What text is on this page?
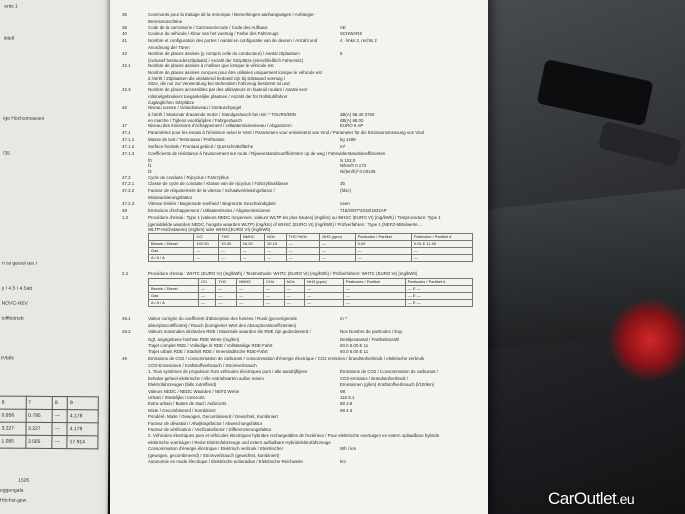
6	7	8	9
0.956	0.795	—	4.178
3.227	3.227	—	4.178
1.085	2.565	—	17.914
ents 1
ititelt
ige Höchstmassen
/35
n ist gewol ren /
y / 4.5 / 4.5att
NOVC-HEV
toffbetrieb
P/MN
1526
eggengala
Höchst-gew
36	Commonts pour la traitage de la remorque / Bemerkingen aanhangwagen / Anhänger-
Bremsmarschtine
38	Code de la carrosserie / Carrosseriecode / Code des Aufbaus	AE
40	Couleur du véhicule / Kleur van het voertuig / Farbe des Fahrzeugs	SCHWARZ
41	Nombre et configuration des portes / Aantal en configuratie van de deuren / Anzahl und	4 · links 2, rechts 2
Anordnung der Türen
42	Nombre de places assises (y compris celle du conducteur) / Aantal zitplaatsen	5
(inclusief bestuurderszitplaats) / Anzahl der Sitzplätze (einschließlich Fahrersitz)
42.1	Nombre de places assises à n'utiliser que lorsque le véhicule est
Nombre de places assises conçues pour être utilisées uniquement lorsque le véhicule est
à l'arrêt / Zitplaatsen die uitsluitend bedoeld zijn bij stilstaand voertuig /
Sitze, die nur zur Verwendung bei stehendem Fahrzeug bestimmt ist und
42.3	Nombre de places accessibles par des utilisateurs en fauteuil roulant / Aantal voor
rolstoelgebruikers toegankelijke plaatsen / Anzahl der für Rollstuhlfahrer
zugänglichen Sitzplätze
46	Niveau sonore / Geluidsniveau / Geräuschpegel
à l'arrêt / Stationair draaiende motor / Standgeräusch bei min⁻¹ TOURS/MIN	dB(A) 68.40 3750
en marche / Tijdens voorbijrijden / Fahrgeräusch	dB(A) 68.00
47	Niveau des émissions d'échappement / Uitlaatemissieniveau / Abgasnorm	EURO 6 AP
47.1	Paramètres pour les essais à l'émission selon le Vent / Parameters voor emissietest van Vind / Parameter für die Emissionsmessung von Vind
47.1.1	Masse de test / Testmassa / Prüfmasse	kg 1489
47.1.2	Surface frontale / Frontaal gebied / Querschnittsfläche	m²
47.1.3	Coefficients de résistance à l'avancement sur route / Rijweerstandscoëfficiënten op de weg / Fahrwiderstandskoeffizienten
f0	N 102.0
f1	N/km/h 0.173
f2	N/(km/h)² 0.03145
47.2	Cycle de conduite / Rijcyclus / Fahrzyklus
47.2.1	Classe de cycle de conduite / Klasse van de rijcyclus / Fahrzyklusklasse	3b
47.2.2	Facteur de réajustement de la vitesse / Schaalverkleiningsfactor /	(fdsc)
Miniaturisierungsfaktor
47.2.3	Vitesse limitée / Begrensde snelheid / Begrenzte Geschwindigkeit	neen
48	Emissions d'échappement / Uitlaatemissies / Abgasemissionen	715/2007*2018/1832AP
1.2	Procédure d'essai : Type 1 (valeurs NEDC moyennes, valeurs WLTP les plus hautes) (mg/km) ou WHSC (EURO VI) (mg/kWh) / Testprocedure: Type 1
(gemiddelde waarden NEDC, hoogste waarden WLTP) (mg/km) of WHSC (EURO VI) (mg/kWh) / Prüfverfahren : Type 1 (NEFZ-Mittelwerte ...
WLTP-Höchstwerte) (mg/km) oder WHSC(EURO VI) (mg/kWh)
	CO	THC	NMHC	NOx	THC+NOx	NH3 (ppm)	Particules / Partikel	Particules / Partikel #
Benzin / Diesel	102.90	19.30	16.20	20.10	—	—	0.00	0.01 E 11.00
Gas	—	—	—	—	—	—	—	—
A / A / A	—	—	—	—	—	—	—	—
2.2	Procédure d'essai : WHTC (EURO VI) (mg/kWh) / Testmethode: WHTC (EURO VI) (mg/kWh) / Prüfverfahren: WHTC (EURO VI) (mg/kWh)
	CO	THC	NMHC	CH4	NOx	NH3 (ppm)	Particules / Partikel	Particules / Partikel #
Benzin / Diesel	—	—	—	—	—	—	—	— E —
Gas	—	—	—	—	—	—	—	— E —
A / A / A	—	—	—	—	—	—	—	— E —
48.1	Valeur corrigée du coefficient d'absorption des fumées / Rook (gecorrigeerde	m⁻¹
absorptiecoëfficiënt) / Rauch (korrigierter Wert des Absorptionskoeffizienten)
48.2	Valeurs maximales déclarées RDE / Maximale waarden die RDE zijn gedeclareerd /	Nox Nombre de particules / Exp.
Ggf. angegebene höchste RDE Werte (mg/km)	Deeltjesaantal / Partikelanzahl
Trajet complet RDE / Volledige rit RDE / Vollständige RDE-Fahrt	60.0 6.00 E 11
Trajet urbain RDE / Stadsrit RDE / Innerstädtische RDE-Fahrt	60.0 6.00 E 11
49	Emissions de CO2 / consommation de carburant / consommation d'énergie électrique / CO2 emissies / brandstofverbruik / elektrische verbruik
CO2-Emissionen / Kraftstoffverbrauch / Stromverbrauch
1. Tous systèmes de propulsion hors véhicules électriques purs / alle aandrijflijnen	Émissions de CO2 / Consommation de carburant /
behalve geheel elektrische / Alle Antriebsarten außer reinen	CO2-emissies / Brandstofverbruik /
Elektrofahrzeugen (falls zutreffend)	Emissionen (g/km) Kraftstoffverbrauch (l/100km)
Valeurs NEDC / NEDC Waarden / NEFZ Werte	Wt
Urbain / Stedelijke / Innerorts	116 5.1
Extra-urbain / Buiten de stad / Außerorts	88 3.9
Mixte / Gecombineerd / Kombiniert	99 4.3
Pondéré, Mixte / Gewogen, Gecombineerd / Gewichtet, Kombiniert
Facteur de déviation / Afwijkingsfactor / Abweichungsfaktor
Facteur de vérification / Verificatiefactor / Differenzierungsfaktor
2. Véhicules électriques purs et véhicules électriques hybrides rechargeables de l'extérieur / Puur elektrische voertuigen en extern oplaadbare hybride
elektrische voertuigen / Reine Elektrofahrzeuge und extern aufladbare Hybridelektrofahrzeuge
Consommation d'énergie électrique / Elektrisch verbruik / Elektrischer	Wh / km
(gewogen, gecombineerd) / Stromverbrauch (gewichtet, kombiniert)
Autonomie en mode électrique / Elektrische actieradius / Elektrische Reichweite	km
CarOutlet.eu
